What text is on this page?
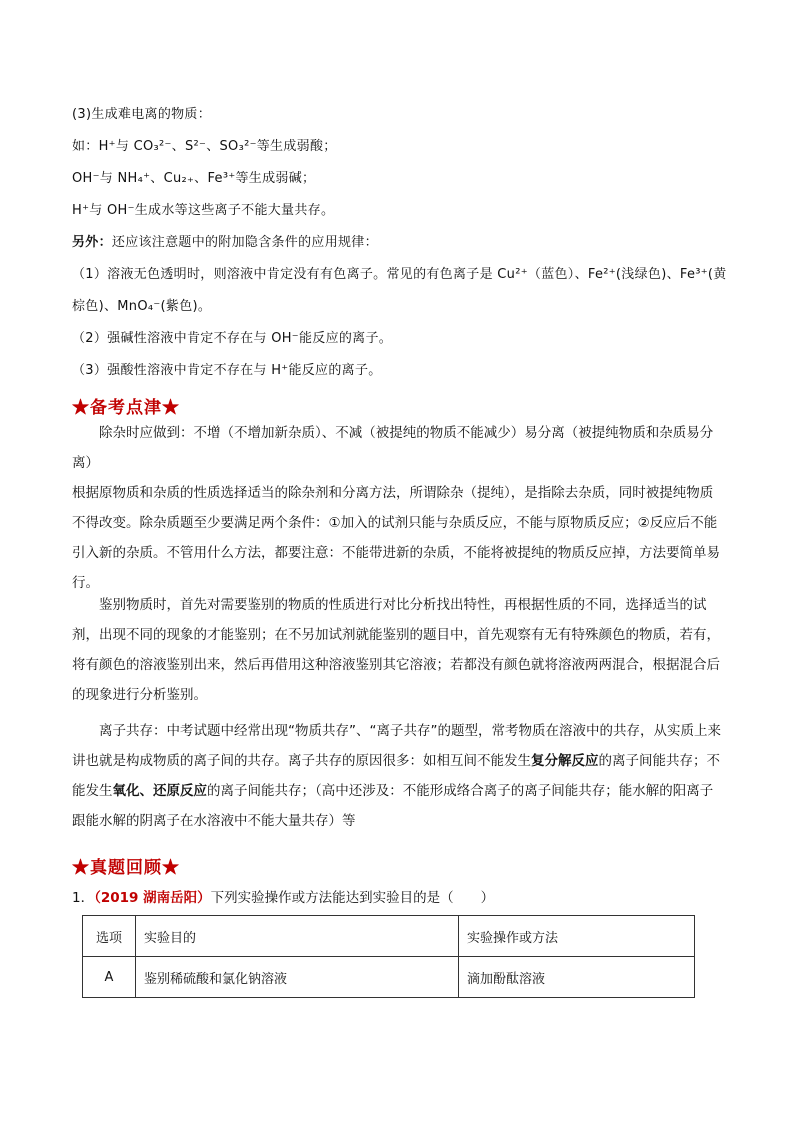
(3)生成难电离的物质：
如：H⁺与 CO₃²⁻、S²⁻、SO₃²⁻等生成弱酸；
OH⁻与 NH₄⁺、Cu₂₊、Fe³⁺等生成弱碱；
H⁺与 OH⁻生成水等这些离子不能大量共存。
另外：还应该注意题中的附加隐含条件的应用规律：
（1）溶液无色透明时，则溶液中肯定没有有色离子。常见的有色离子是 Cu²⁺（蓝色）、Fe²⁺(浅绿色)、Fe³⁺(黄
棕色)、MnO₄⁻(紫色)。
（2）强碱性溶液中肯定不存在与 OH⁻能反应的离子。
（3）强酸性溶液中肯定不存在与 H⁺能反应的离子。
★备考点津★

除杂时应做到：不增（不增加新杂质）、不减（被提纯的物质不能减少）易分离（被提纯物质和杂质易分离）

根据原物质和杂质的性质选择适当的除杂剂和分离方法，所谓除杂（提纯），是指除去杂质，同时被提纯物质不得改变。除杂质题至少要满足两个条件：①加入的试剂只能与杂质反应，不能与原物质反应；②反应后不能引入新的杂质。不管用什么方法，都要注意：不能带进新的杂质，不能将被提纯的物质反应掉，方法要简单易行。

鉴别物质时，首先对需要鉴别的物质的性质进行对比分析找出特性，再根据性质的不同，选择适当的试剂，出现不同的现象的才能鉴别；在不另加试剂就能鉴别的题目中，首先观察有无有特殊颜色的物质，若有，将有颜色的溶液鉴别出来，然后再借用这种溶液鉴别其它溶液；若都没有颜色就将溶液两两混合，根据混合后的现象进行分析鉴别。

离子共存：中考试题中经常出现“物质共存”、“离子共存”的题型，常考物质在溶液中的共存，从实质上来讲也就是构成物质的离子间的共存。离子共存的原因很多：如相互间不能发生复分解反应的离子间能共存；不能发生氧化、还原反应的离子间能共存；（高中还涉及：不能形成络合离子的离子间能共存；能水解的阳离子跟能水解的阴离子在水溶液中不能大量共存）等

★真题回顾★
1．（2019 湖南岳阳）下列实验操作或方法能达到实验目的是（　　）
选项	实验目的	实验操作或方法
A	鉴别稀硫酸和氯化钠溶液	滴加酚酞溶液
